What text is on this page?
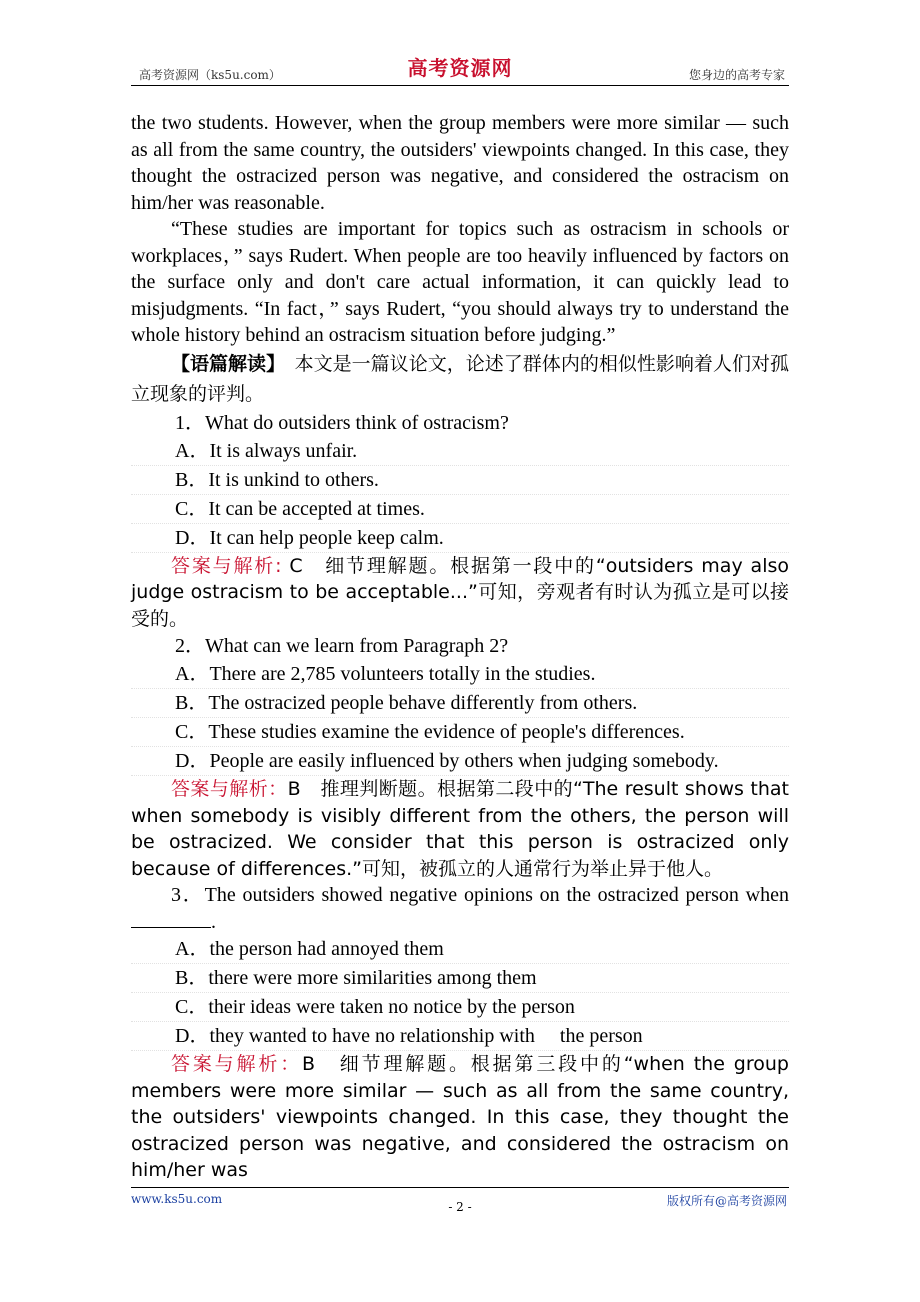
高考资源网（ks5u.com）	高考资源网	您身边的高考专家

the two students. However, when the group members were more similar — such as all from the same country, the outsiders' viewpoints changed. In this case, they thought the ostracized person was negative, and considered the ostracism on him/her was reasonable.

“These studies are important for topics such as ostracism in schools or workplaces，” says Rudert. When people are too heavily influenced by factors on the surface only and don't care actual information, it can quickly lead to misjudgments. “In fact，” says Rudert, “you should always try to understand the whole history behind an ostracism situation before judging.”

【语篇解读】　本文是一篇议论文，论述了群体内的相似性影响着人们对孤立现象的评判。

1．What do outsiders think of ostracism?

A．It is always unfair.

B．It is unkind to others.

C．It can be accepted at times.

D．It can help people keep calm.

答案与解析: C　细节理解题。根据第一段中的“outsiders may also judge ostracism to be acceptable...”可知，旁观者有时认为孤立是可以接受的。

2．What can we learn from Paragraph 2?

A．There are 2,785 volunteers totally in the studies.

B．The ostracized people behave differently from others.

C．These studies examine the evidence of people's differences.

D．People are easily influenced by others when judging somebody.

答案与解析：B　推理判断题。根据第二段中的“The result shows that when somebody is visibly different from the others, the person will be ostracized. We consider that this person is ostracized only because of differences.”可知，被孤立的人通常行为举止异于他人。

3．The outsiders showed negative opinions on the ostracized person when .

A．the person had annoyed them

B．there were more similarities among them

C．their ideas were taken no notice by the person

D．they wanted to have no relationship with　 the person

答案与解析：B　细节理解题。根据第三段中的“when the group members were more similar — such as all from the same country, the outsiders' viewpoints changed. In this case, they thought the ostracized person was negative, and considered the ostracism on him/her was

www.ks5u.com
- 2 -	版权所有@高考资源网
